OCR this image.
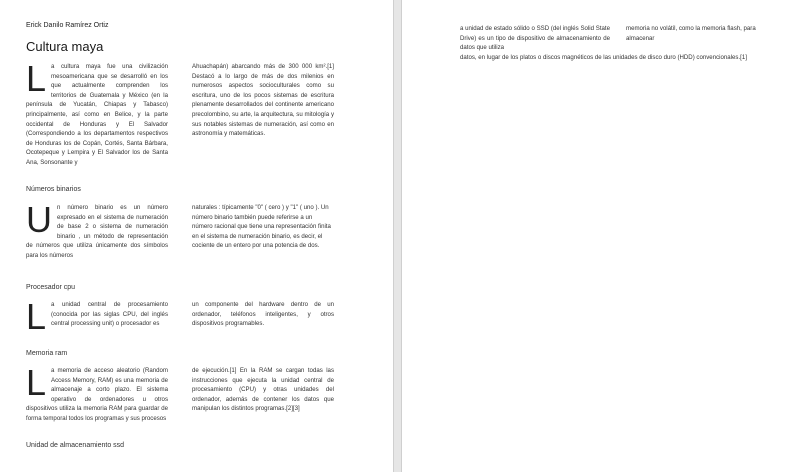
Erick Danilo Ramírez Ortiz
Cultura maya
L a cultura maya fue una civilización mesoamericana que se desarrolló en los que actualmente comprenden los territorios de Guatemala y México (en la península de Yucatán, Chiapas y Tabasco) principalmente, así como en Belice, y la parte occidental de Honduras y El Salvador (Correspondiendo a los departamentos respectivos de Honduras los de Copán, Cortés, Santa Bárbara, Ocotepeque y Lempira y El Salvador los de Santa Ana, Sonsonante y
Ahuachapán) abarcando más de 300 000 km².[1] Destacó a lo largo de más de dos milenios en numerosos aspectos socioculturales como su escritura, uno de los pocos sistemas de escritura plenamente desarrollados del continente americano precolombino, su arte, la arquitectura, su mitología y sus notables sistemas de numeración, así como en astronomía y matemáticas.
Números binarios
U n número binario es un número expresado en el sistema de numeración de base 2 o sistema de numeración binario , un método de representación de números que utiliza únicamente dos símbolos para los números
naturales : típicamente "0" ( cero ) y "1" ( uno ). Un número binario también puede referirse a un número racional que tiene una representación finita en el sistema de numeración binario, es decir, el cociente de un entero por una potencia de dos.
Procesador cpu
L a unidad central de procesamiento (conocida por las siglas CPU, del inglés central processing unit) o procesador es
un componente del hardware dentro de un ordenador, teléfonos inteligentes, y otros dispositivos programables.
Memoria ram
L a memoria de acceso aleatorio (Random Access Memory, RAM) es una memoria de almacenaje a corto plazo. El sistema operativo de ordenadores u otros dispositivos utiliza la memoria RAM para guardar de forma temporal todos los programas y sus procesos
de ejecución.[1] En la RAM se cargan todas las instrucciones que ejecuta la unidad central de procesamiento (CPU) y otras unidades del ordenador, además de contener los datos que manipulan los distintos programas.[2][3]
Unidad de almacenamiento ssd
a unidad de estado sólido o SSD (del inglés Solid State Drive) es un tipo de dispositivo de almacenamiento de datos que utiliza
memoria no volátil, como la memoria flash, para almacenar
datos, en lugar de los platos o discos magnéticos de las unidades de disco duro (HDD) convencionales.[1]
